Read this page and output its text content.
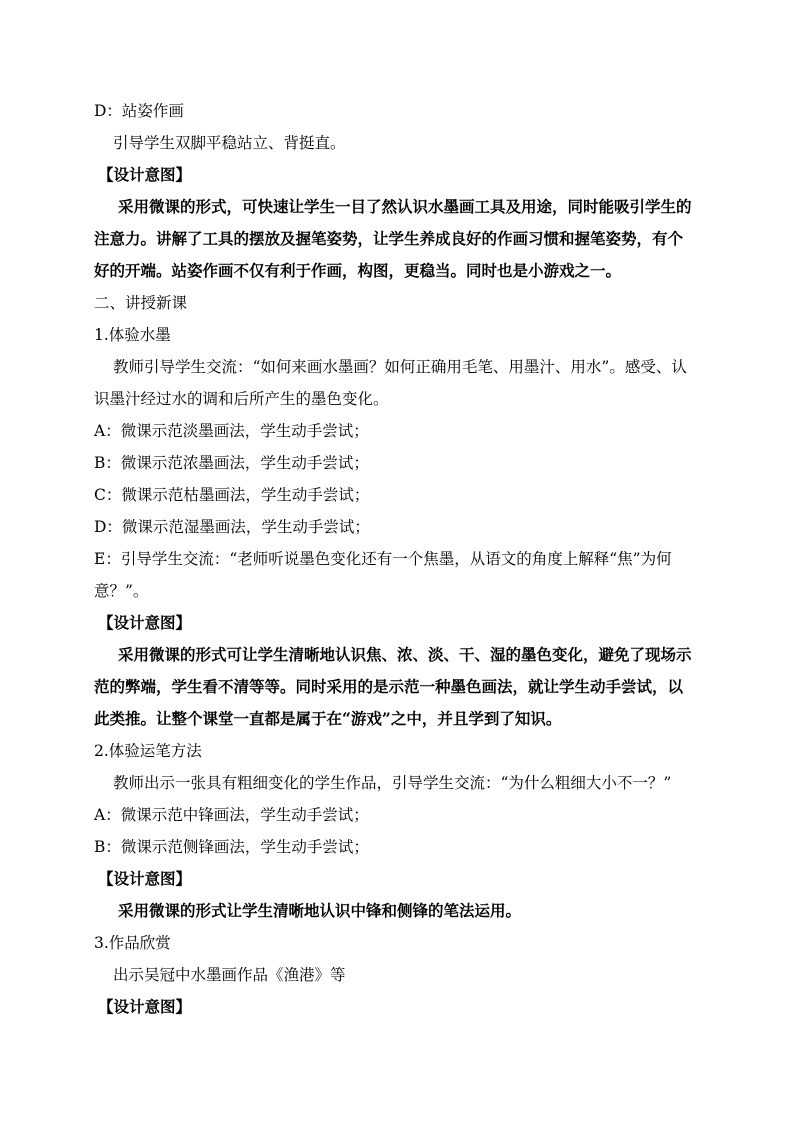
D：站姿作画
引导学生双脚平稳站立、背挺直。
【设计意图】
采用微课的形式，可快速让学生一目了然认识水墨画工具及用途，同时能吸引学生的
注意力。讲解了工具的摆放及握笔姿势，让学生养成良好的作画习惯和握笔姿势，有个
好的开端。站姿作画不仅有利于作画，构图，更稳当。同时也是小游戏之一。
二、讲授新课
1.体验水墨
教师引导学生交流：“如何来画水墨画？如何正确用毛笔、用墨汁、用水”。感受、认
识墨汁经过水的调和后所产生的墨色变化。
A：微课示范淡墨画法，学生动手尝试；
B：微课示范浓墨画法，学生动手尝试；
C：微课示范枯墨画法，学生动手尝试；
D：微课示范湿墨画法，学生动手尝试；
E：引导学生交流：“老师听说墨色变化还有一个焦墨，从语文的角度上解释“焦”为何
意？”。
【设计意图】
采用微课的形式可让学生清晰地认识焦、浓、淡、干、湿的墨色变化，避免了现场示
范的弊端，学生看不清等等。同时采用的是示范一种墨色画法，就让学生动手尝试，以
此类推。让整个课堂一直都是属于在“游戏”之中，并且学到了知识。
2.体验运笔方法
教师出示一张具有粗细变化的学生作品，引导学生交流：“为什么粗细大小不一？”
A：微课示范中锋画法，学生动手尝试；
B：微课示范侧锋画法，学生动手尝试；
【设计意图】
采用微课的形式让学生清晰地认识中锋和侧锋的笔法运用。
3.作品欣赏
出示吴冠中水墨画作品《渔港》等
【设计意图】
